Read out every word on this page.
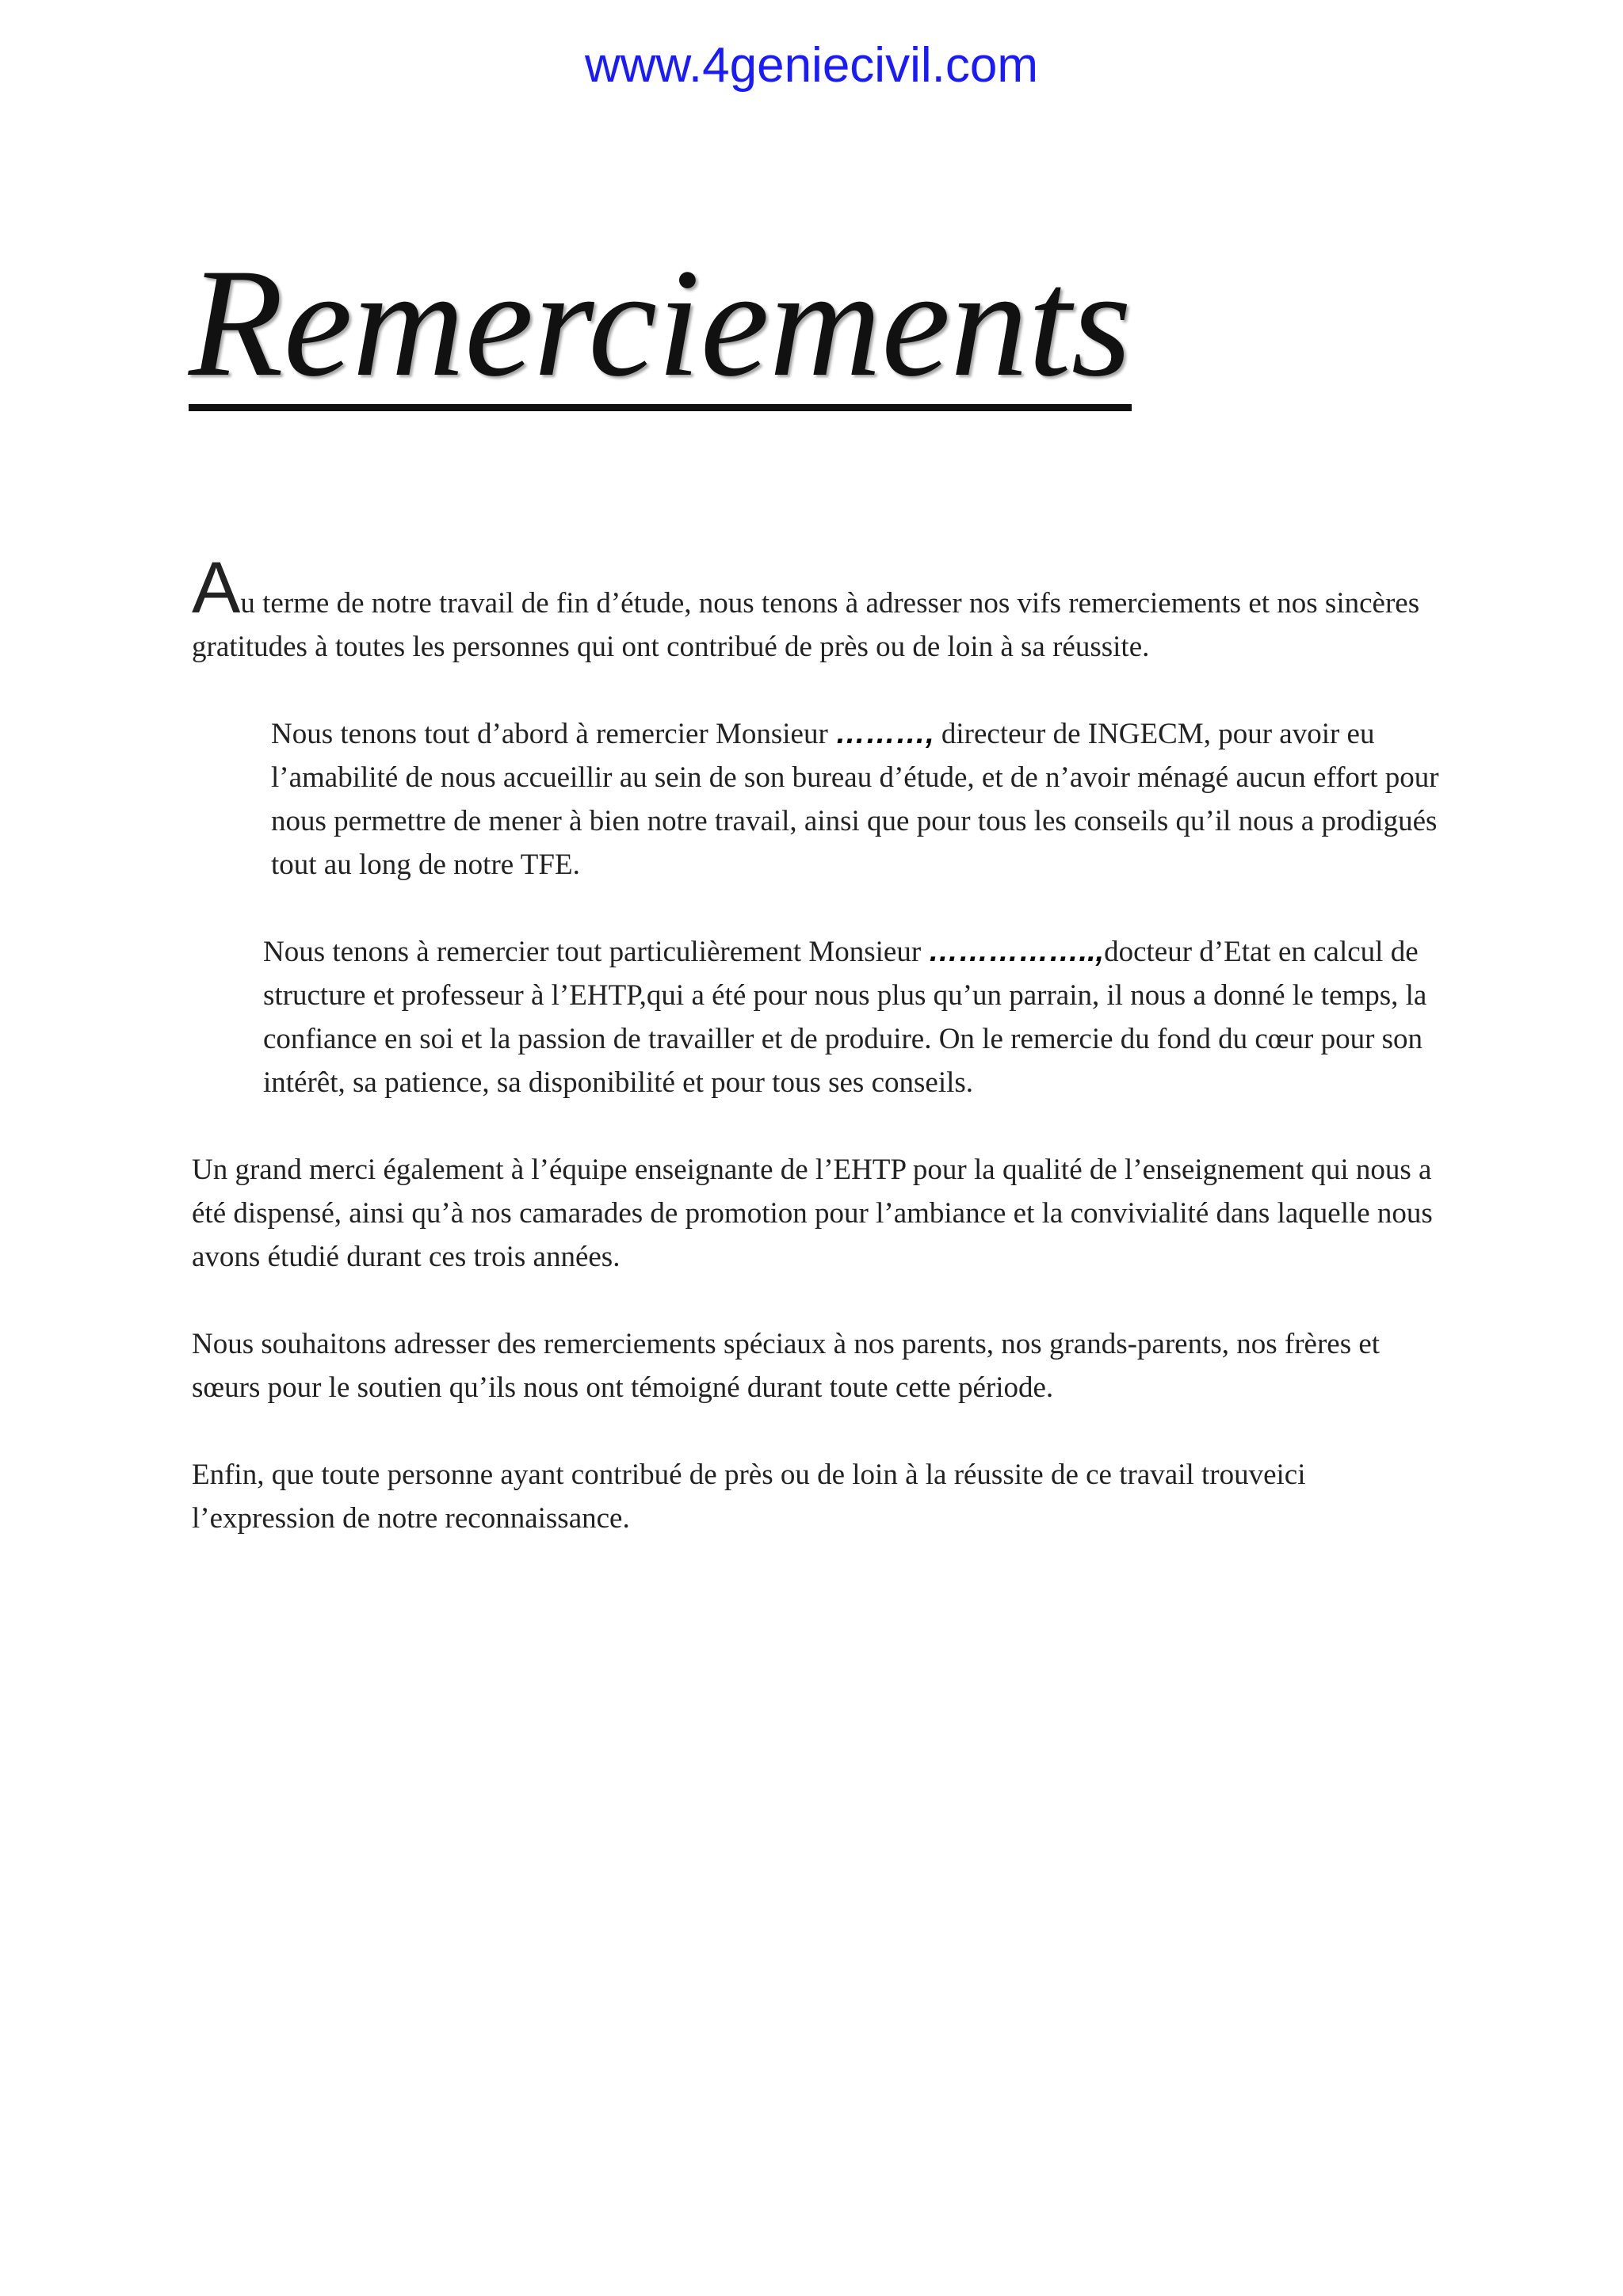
www.4geniecivil.com
Remerciements

Au terme de notre travail de fin d’étude, nous tenons à adresser nos vifs remerciements et nos sincères gratitudes à toutes les personnes qui ont contribué de près ou de loin à sa réussite.

Nous tenons tout d’abord à remercier Monsieur ………, directeur de INGECM, pour avoir eu l’amabilité de nous accueillir au sein de son bureau d’étude, et de n’avoir ménagé aucun effort pour nous permettre de mener à bien notre travail, ainsi que pour tous les conseils qu’il nous a prodigués tout au long de notre TFE.

Nous tenons à remercier tout particulièrement Monsieur ……………..,docteur d’Etat en calcul de structure et professeur à l’EHTP,qui a été pour nous plus qu’un parrain, il nous a donné le temps, la confiance en soi et la passion de travailler et de produire. On le remercie du fond du cœur pour son intérêt, sa patience, sa disponibilité et pour tous ses conseils.

Un grand merci également à l’équipe enseignante de l’EHTP pour la qualité de l’enseignement qui nous a été dispensé, ainsi qu’à nos camarades de promotion pour l’ambiance et la convivialité dans laquelle nous avons étudié durant ces trois années.

Nous souhaitons adresser des remerciements spéciaux à nos parents, nos grands-parents, nos frères et sœurs pour le soutien qu’ils nous ont témoigné durant toute cette période.

Enfin, que toute personne ayant contribué de près ou de loin à la réussite de ce travail trouveici l’expression de notre reconnaissance.
